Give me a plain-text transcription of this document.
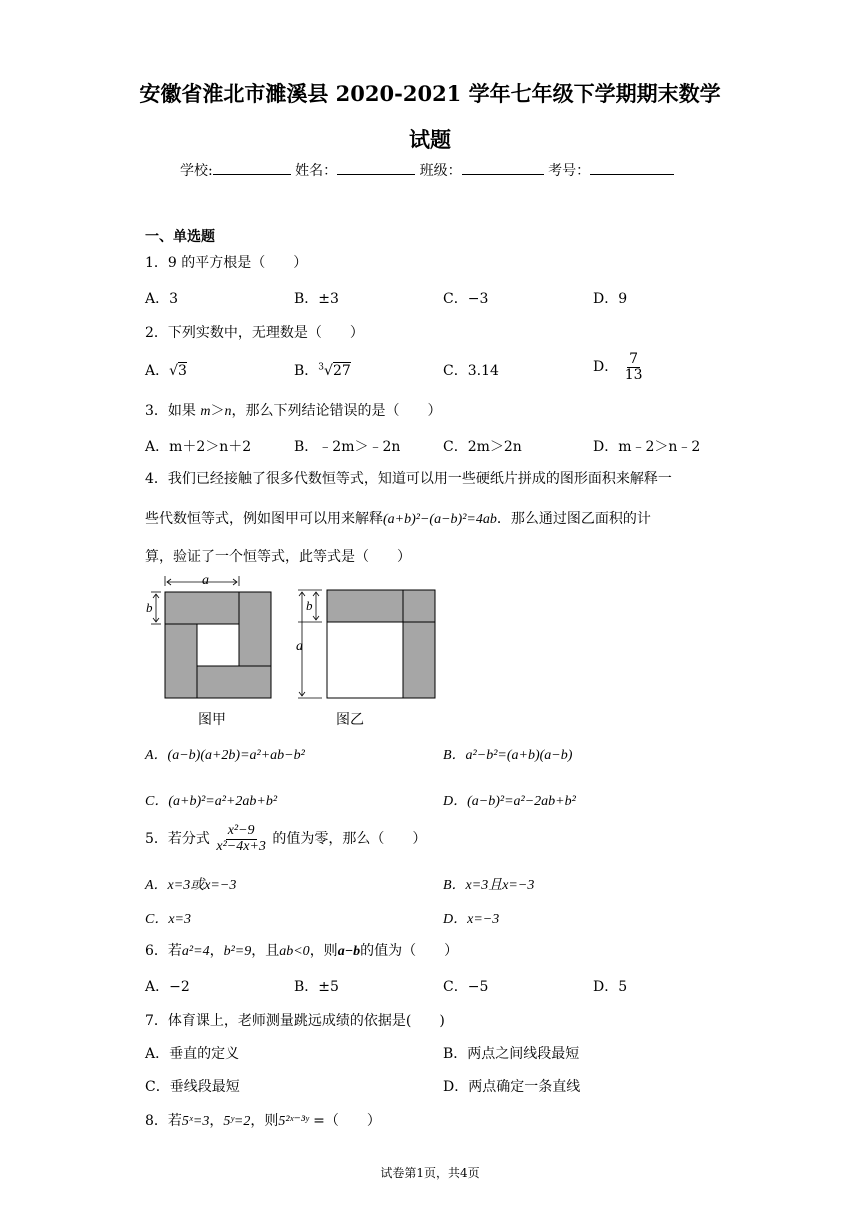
安徽省淮北市濉溪县 2020-2021 学年七年级下学期期末数学
试题
学校:	姓名：	班级：	考号：
一、单选题
1．9 的平方根是（　　）
A．3	B．±3	C．−3	D．9
2．下列实数中，无理数是（　　）
A．√3	B．$^3$√27	C．3.14	D． $\frac{7}{13}$
3．如果 m＞n，那么下列结论错误的是（　　）
A．m＋2＞n＋2	B．﹣2m＞﹣2n	C．2m＞2n	D．m﹣2＞n﹣2
4．我们已经接触了很多代数恒等式，知道可以用一些硬纸片拼成的图形面积来解释一
些代数恒等式，例如图甲可以用来解释(a+b)²−(a−b)²=4ab．那么通过图乙面积的计
算，验证了一个恒等式，此等式是（　　）
a
b
图甲
b
a
图乙
A．(a−b)(a+2b)=a²+ab−b²	B．a²−b²=(a+b)(a−b)
C．(a+b)²=a²+2ab+b²	D．(a−b)²=a²−2ab+b²
5．若分式 $\frac{\text{x²−9}}{\text{x²−4x+3}}$ 的值为零，那么（　　）
A．x=3或x=−3	B．x=3且x=−3
C．x=3	D．x=−3
6．若a²=4，b²=9，且ab<0，则a−b的值为（　　）
A．−2	B．±5	C．−5	D．5
7．体育课上，老师测量跳远成绩的依据是(　　)
A．垂直的定义	B．两点之间线段最短
C．垂线段最短	D．两点确定一条直线
8．若5ˣ=3，5ʸ=2，则5²ˣ⁻³ʸ =（　　）
试卷第1页，共4页
